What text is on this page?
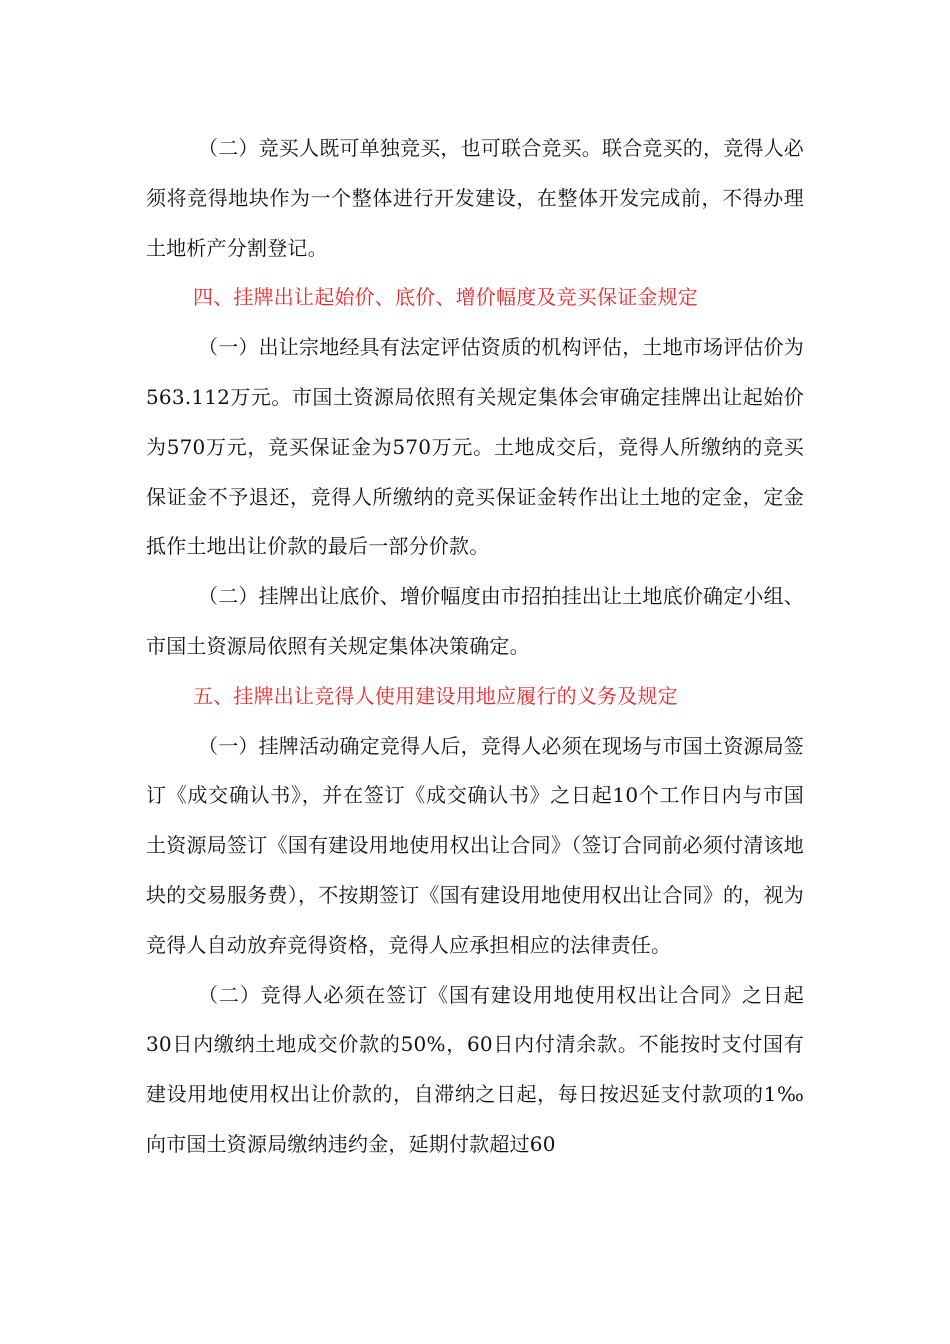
（二）竞买人既可单独竞买，也可联合竞买。联合竞买的，竞得人必须将竞得地块作为一个整体进行开发建设，在整体开发完成前，不得办理土地析产分割登记。

四、挂牌出让起始价、底价、增价幅度及竞买保证金规定

（一）出让宗地经具有法定评估资质的机构评估，土地市场评估价为563.112万元。市国土资源局依照有关规定集体会审确定挂牌出让起始价为570万元，竞买保证金为570万元。土地成交后，竞得人所缴纳的竞买保证金不予退还，竞得人所缴纳的竞买保证金转作出让土地的定金，定金抵作土地出让价款的最后一部分价款。

（二）挂牌出让底价、增价幅度由市招拍挂出让土地底价确定小组、市国土资源局依照有关规定集体决策确定。

五、挂牌出让竞得人使用建设用地应履行的义务及规定

（一）挂牌活动确定竞得人后，竞得人必须在现场与市国土资源局签订《成交确认书》，并在签订《成交确认书》之日起10个工作日内与市国土资源局签订《国有建设用地使用权出让合同》（签订合同前必须付清该地块的交易服务费），不按期签订《国有建设用地使用权出让合同》的，视为竞得人自动放弃竞得资格，竞得人应承担相应的法律责任。

（二）竞得人必须在签订《国有建设用地使用权出让合同》之日起30日内缴纳土地成交价款的50%，60日内付清余款。不能按时支付国有建设用地使用权出让价款的，自滞纳之日起，每日按迟延支付款项的1‰向市国土资源局缴纳违约金，延期付款超过60
